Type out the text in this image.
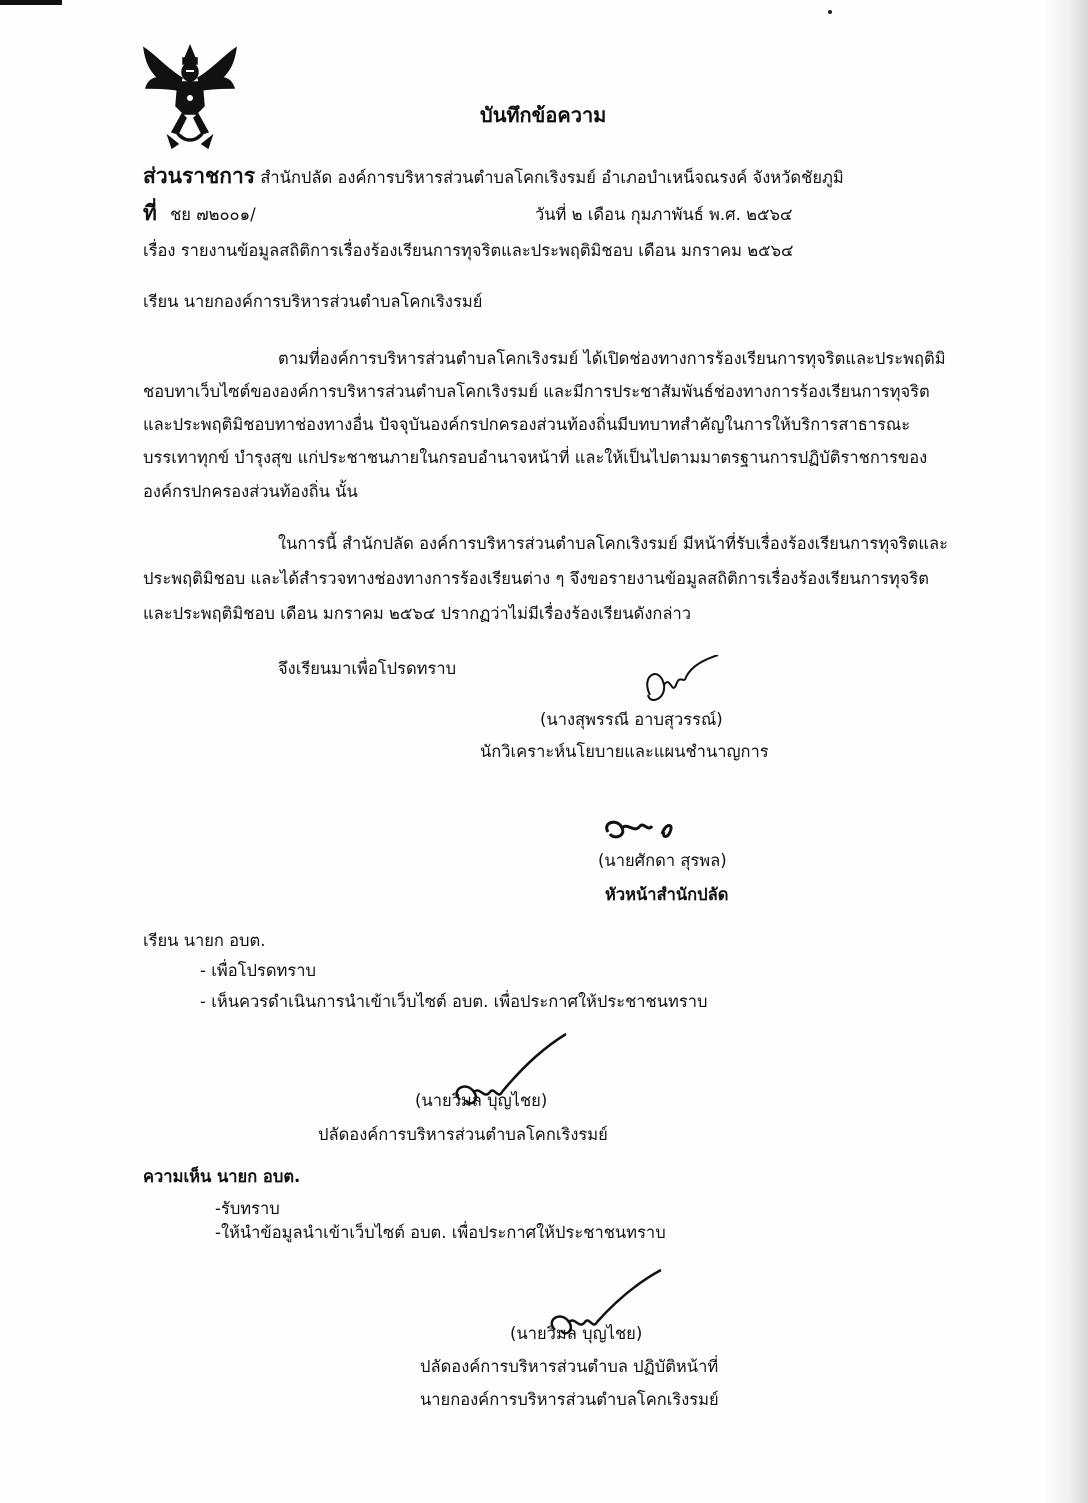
บันทึกข้อความ
ส่วนราชการ สำนักปลัด องค์การบริหารส่วนตำบลโคกเริงรมย์ อำเภอบำเหน็จณรงค์ จังหวัดชัยภูมิ
ที่ ชย ๗๒๐๐๑/	วันที่ ๒ เดือน กุมภาพันธ์ พ.ศ. ๒๕๖๔
เรื่อง รายงานข้อมูลสถิติการเรื่องร้องเรียนการทุจริตและประพฤติมิชอบ เดือน มกราคม ๒๕๖๔
เรียน นายกองค์การบริหารส่วนตำบลโคกเริงรมย์
ตามที่องค์การบริหารส่วนตำบลโคกเริงรมย์ ได้เปิดช่องทางการร้องเรียนการทุจริตและประพฤติมิ
ชอบทาเว็บไซต์ขององค์การบริหารส่วนตำบลโคกเริงรมย์ และมีการประชาสัมพันธ์ช่องทางการร้องเรียนการทุจริต
และประพฤติมิชอบทาช่องทางอื่น ปัจจุบันองค์กรปกครองส่วนท้องถิ่นมีบทบาทสำคัญในการให้บริการสาธารณะ
บรรเทาทุกข์ บำรุงสุข แก่ประชาชนภายในกรอบอำนาจหน้าที่ และให้เป็นไปตามมาตรฐานการปฏิบัติราชการของ
องค์กรปกครองส่วนท้องถิ่น นั้น
ในการนี้ สำนักปลัด องค์การบริหารส่วนตำบลโคกเริงรมย์ มีหน้าที่รับเรื่องร้องเรียนการทุจริตและ
ประพฤติมิชอบ และได้สำรวจทางช่องทางการร้องเรียนต่าง ๆ จึงขอรายงานข้อมูลสถิติการเรื่องร้องเรียนการทุจริต
และประพฤติมิชอบ เดือน มกราคม ๒๕๖๔ ปรากฏว่าไม่มีเรื่องร้องเรียนดังกล่าว
จึงเรียนมาเพื่อโปรดทราบ
(นางสุพรรณี อาบสุวรรณ์)
นักวิเคราะห์นโยบายและแผนชำนาญการ
(นายศักดา สุรพล)
หัวหน้าสำนักปลัด
เรียน นายก อบต.
- เพื่อโปรดทราบ
- เห็นควรดำเนินการนำเข้าเว็บไซต์ อบต. เพื่อประกาศให้ประชาชนทราบ
(นายวิมล บุญไชย)
ปลัดองค์การบริหารส่วนตำบลโคกเริงรมย์
ความเห็น นายก อบต.
-รับทราบ
-ให้นำข้อมูลนำเข้าเว็บไซต์ อบต. เพื่อประกาศให้ประชาชนทราบ
(นายวิมล บุญไชย)
ปลัดองค์การบริหารส่วนตำบล ปฏิบัติหน้าที่
นายกองค์การบริหารส่วนตำบลโคกเริงรมย์
